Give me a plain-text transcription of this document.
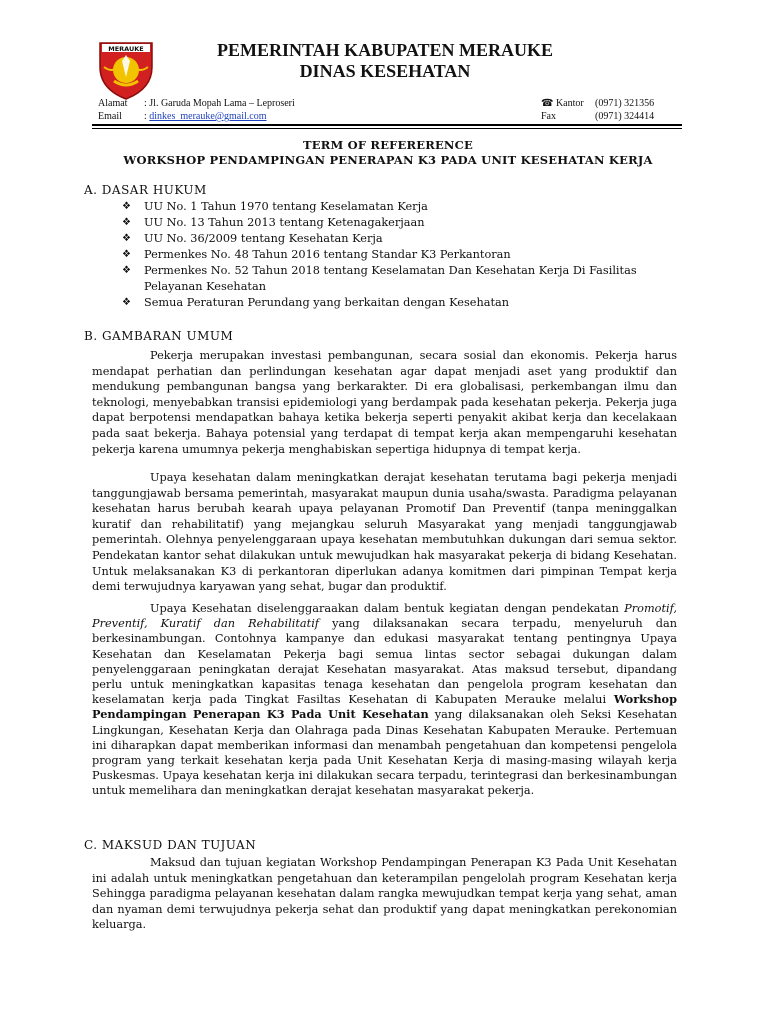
MERAUKE	PEMERINTAH KABUPATEN MERAUKE
DINAS KESEHATAN
Alamat : Jl. Garuda Mopah Lama – Leproseri
Email : dinkes_merauke@gmail.com
☎ Kantor (0971) 321356
Fax	(0971) 324414
TERM OF REFERERENCE
WORKSHOP PENDAMPINGAN PENERAPAN K3 PADA UNIT KESEHATAN KERJA
A. DASAR HUKUM
❖ UU No. 1 Tahun 1970 tentang Keselamatan Kerja
❖ UU No. 13 Tahun 2013 tentang Ketenagakerjaan
❖ UU No. 36/2009 tentang Kesehatan Kerja
❖ Permenkes No. 48 Tahun 2016 tentang Standar K3 Perkantoran
❖ Permenkes No. 52 Tahun 2018 tentang Keselamatan Dan Kesehatan Kerja Di Fasilitas Pelayanan Kesehatan
❖ Semua Peraturan Perundang yang berkaitan dengan Kesehatan
B. GAMBARAN UMUM

Pekerja merupakan investasi pembangunan, secara sosial dan ekonomis. Pekerja harus mendapat perhatian dan perlindungan kesehatan agar dapat menjadi aset yang produktif dan mendukung pembangunan bangsa yang berkarakter. Di era globalisasi, perkembangan ilmu dan teknologi, menyebabkan transisi epidemiologi yang berdampak pada kesehatan pekerja. Pekerja juga dapat berpotensi mendapatkan bahaya ketika bekerja seperti penyakit akibat kerja dan kecelakaan pada saat bekerja. Bahaya potensial yang terdapat di tempat kerja akan mempengaruhi kesehatan pekerja karena umumnya pekerja menghabiskan sepertiga hidupnya di tempat kerja.

Upaya kesehatan dalam meningkatkan derajat kesehatan terutama bagi pekerja menjadi tanggungjawab bersama pemerintah, masyarakat maupun dunia usaha/swasta. Paradigma pelayanan kesehatan harus berubah kearah upaya pelayanan Promotif Dan Preventif (tanpa meninggalkan kuratif dan rehabilitatif) yang mejangkau seluruh Masyarakat yang menjadi tanggungjawab pemerintah. Olehnya penyelenggaraan upaya kesehatan membutuhkan dukungan dari semua sektor. Pendekatan kantor sehat dilakukan untuk mewujudkan hak masyarakat pekerja di bidang Kesehatan. Untuk melaksanakan K3 di perkantoran diperlukan adanya komitmen dari pimpinan Tempat kerja demi terwujudnya karyawan yang sehat, bugar dan produktif.

Upaya Kesehatan diselenggaraakan dalam bentuk kegiatan dengan pendekatan Promotif, Preventif, Kuratif dan Rehabilitatif yang dilaksanakan secara terpadu, menyeluruh dan berkesinambungan. Contohnya kampanye dan edukasi masyarakat tentang pentingnya Upaya Kesehatan dan Keselamatan Pekerja bagi semua lintas sector sebagai dukungan dalam penyelenggaraan peningkatan derajat Kesehatan masyarakat. Atas maksud tersebut, dipandang perlu untuk meningkatkan kapasitas tenaga kesehatan dan pengelola program kesehatan dan keselamatan kerja pada Tingkat Fasiltas Kesehatan di Kabupaten Merauke melalui Workshop Pendampingan Penerapan K3 Pada Unit Kesehatan yang dilaksanakan oleh Seksi Kesehatan Lingkungan, Kesehatan Kerja dan Olahraga pada Dinas Kesehatan Kabupaten Merauke. Pertemuan ini diharapkan dapat memberikan informasi dan menambah pengetahuan dan kompetensi pengelola program yang terkait kesehatan kerja pada Unit Kesehatan Kerja di masing-masing wilayah kerja Puskesmas. Upaya kesehatan kerja ini dilakukan secara terpadu, terintegrasi dan berkesinambungan untuk memelihara dan meningkatkan derajat kesehatan masyarakat pekerja.

C. MAKSUD DAN TUJUAN

Maksud dan tujuan kegiatan Workshop Pendampingan Penerapan K3 Pada Unit Kesehatan ini adalah untuk meningkatkan pengetahuan dan keterampilan pengelolah program Kesehatan kerja Sehingga paradigma pelayanan kesehatan dalam rangka mewujudkan tempat kerja yang sehat, aman dan nyaman demi terwujudnya pekerja sehat dan produktif yang dapat meningkatkan perekonomian keluarga.
